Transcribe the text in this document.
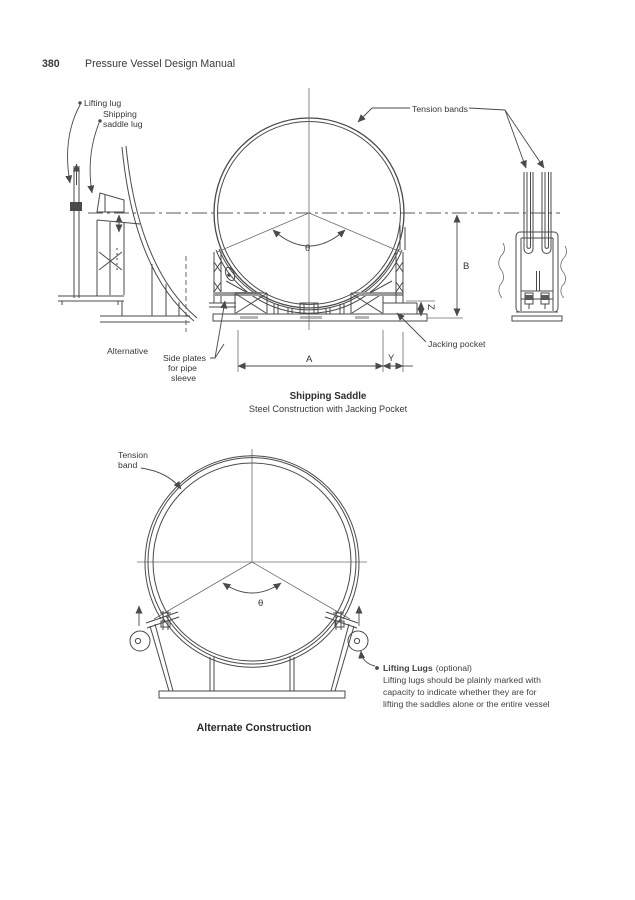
380 Pressure Vessel Design Manual
Lifting lug
Shipping
saddle lug
Alternative
θ
A	Y
B
Z
Tension bands
Side plates
for pipe
sleeve
Jacking pocket
Shipping Saddle
Steel Construction with Jacking Pocket
θ
Tension
band
Lifting Lugs (optional)
Lifting lugs should be plainly marked with
capacity to indicate whether they are for
lifting the saddles alone or the entire vessel
Alternate Construction
